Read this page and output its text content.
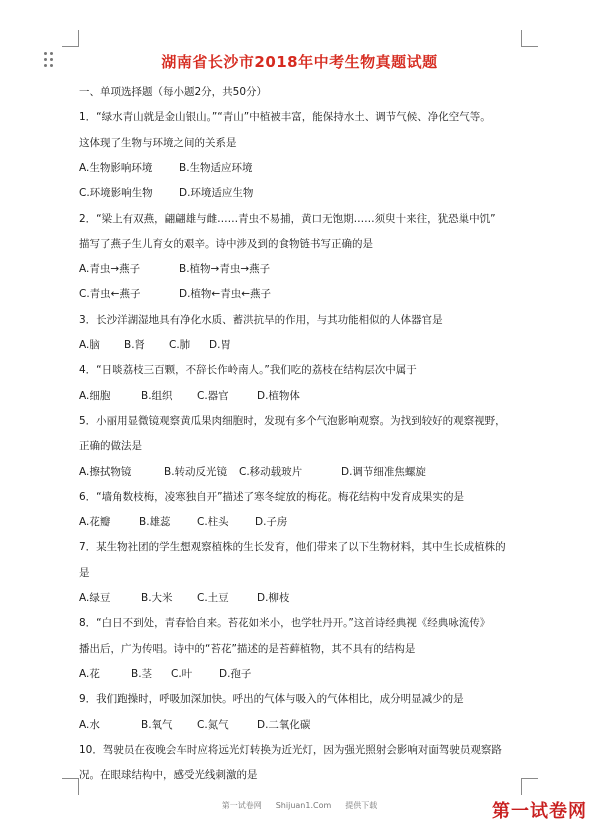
湖南省长沙市2018年中考生物真题试题
一、单项选择题（每小题2分，共50分）
1．“绿水青山就是金山银山。”“青山”中植被丰富，能保持水土、调节气候、净化空气等。
这体现了生物与环境之间的关系是
A.生物影响环境	B.生物适应环境
C.环境影响生物	D.环境适应生物
2．“梁上有双燕，翩翩雄与雌……青虫不易捕，黄口无饱期……须臾十来往，犹恐巢中饥”
描写了燕子生儿育女的艰辛。诗中涉及到的食物链书写正确的是
A.青虫→燕子	B.植物→青虫→燕子
C.青虫←燕子	D.植物←青虫←燕子
3．长沙洋湖湿地具有净化水质、蓄洪抗旱的作用，与其功能相似的人体器官是
A.脑 B.肾 C.肺 D.胃
4．“日啖荔枝三百颗，不辞长作岭南人。”我们吃的荔枝在结构层次中属于
A.细胞	B.组织 C.器官	D.植物体
5．小丽用显微镜观察黄瓜果肉细胞时，发现有多个气泡影响观察。为找到较好的观察视野，
正确的做法是
A.擦拭物镜	B.转动反光镜 C.移动载玻片	D.调节细准焦螺旋
6．“墙角数枝梅，凌寒独自开”描述了寒冬绽放的梅花。梅花结构中发育成果实的是
A.花瓣	B.雄蕊	C.柱头	D.子房
7．某生物社团的学生想观察植株的生长发育，他们带来了以下生物材料，其中生长成植株的
是
A.绿豆	B.大米 C.土豆	D.柳枝
8．“白日不到处，青春恰自来。苔花如米小，也学牡丹开。”这首诗经典视《经典咏流传》
播出后，广为传唱。诗中的“苔花”描述的是苔藓植物，其不具有的结构是
A.花	B.茎 C.叶	D.孢子
9．我们跑操时，呼吸加深加快。呼出的气体与吸入的气体相比，成分明显减少的是
A.水	B.氧气 C.氮气	D.二氧化碳
10．驾驶员在夜晚会车时应将远光灯转换为近光灯，因为强光照射会影响对面驾驶员观察路
况。在眼球结构中，感受光线刺激的是
第一试卷网 Shijuan1.Com 提供下载	第一试卷网
